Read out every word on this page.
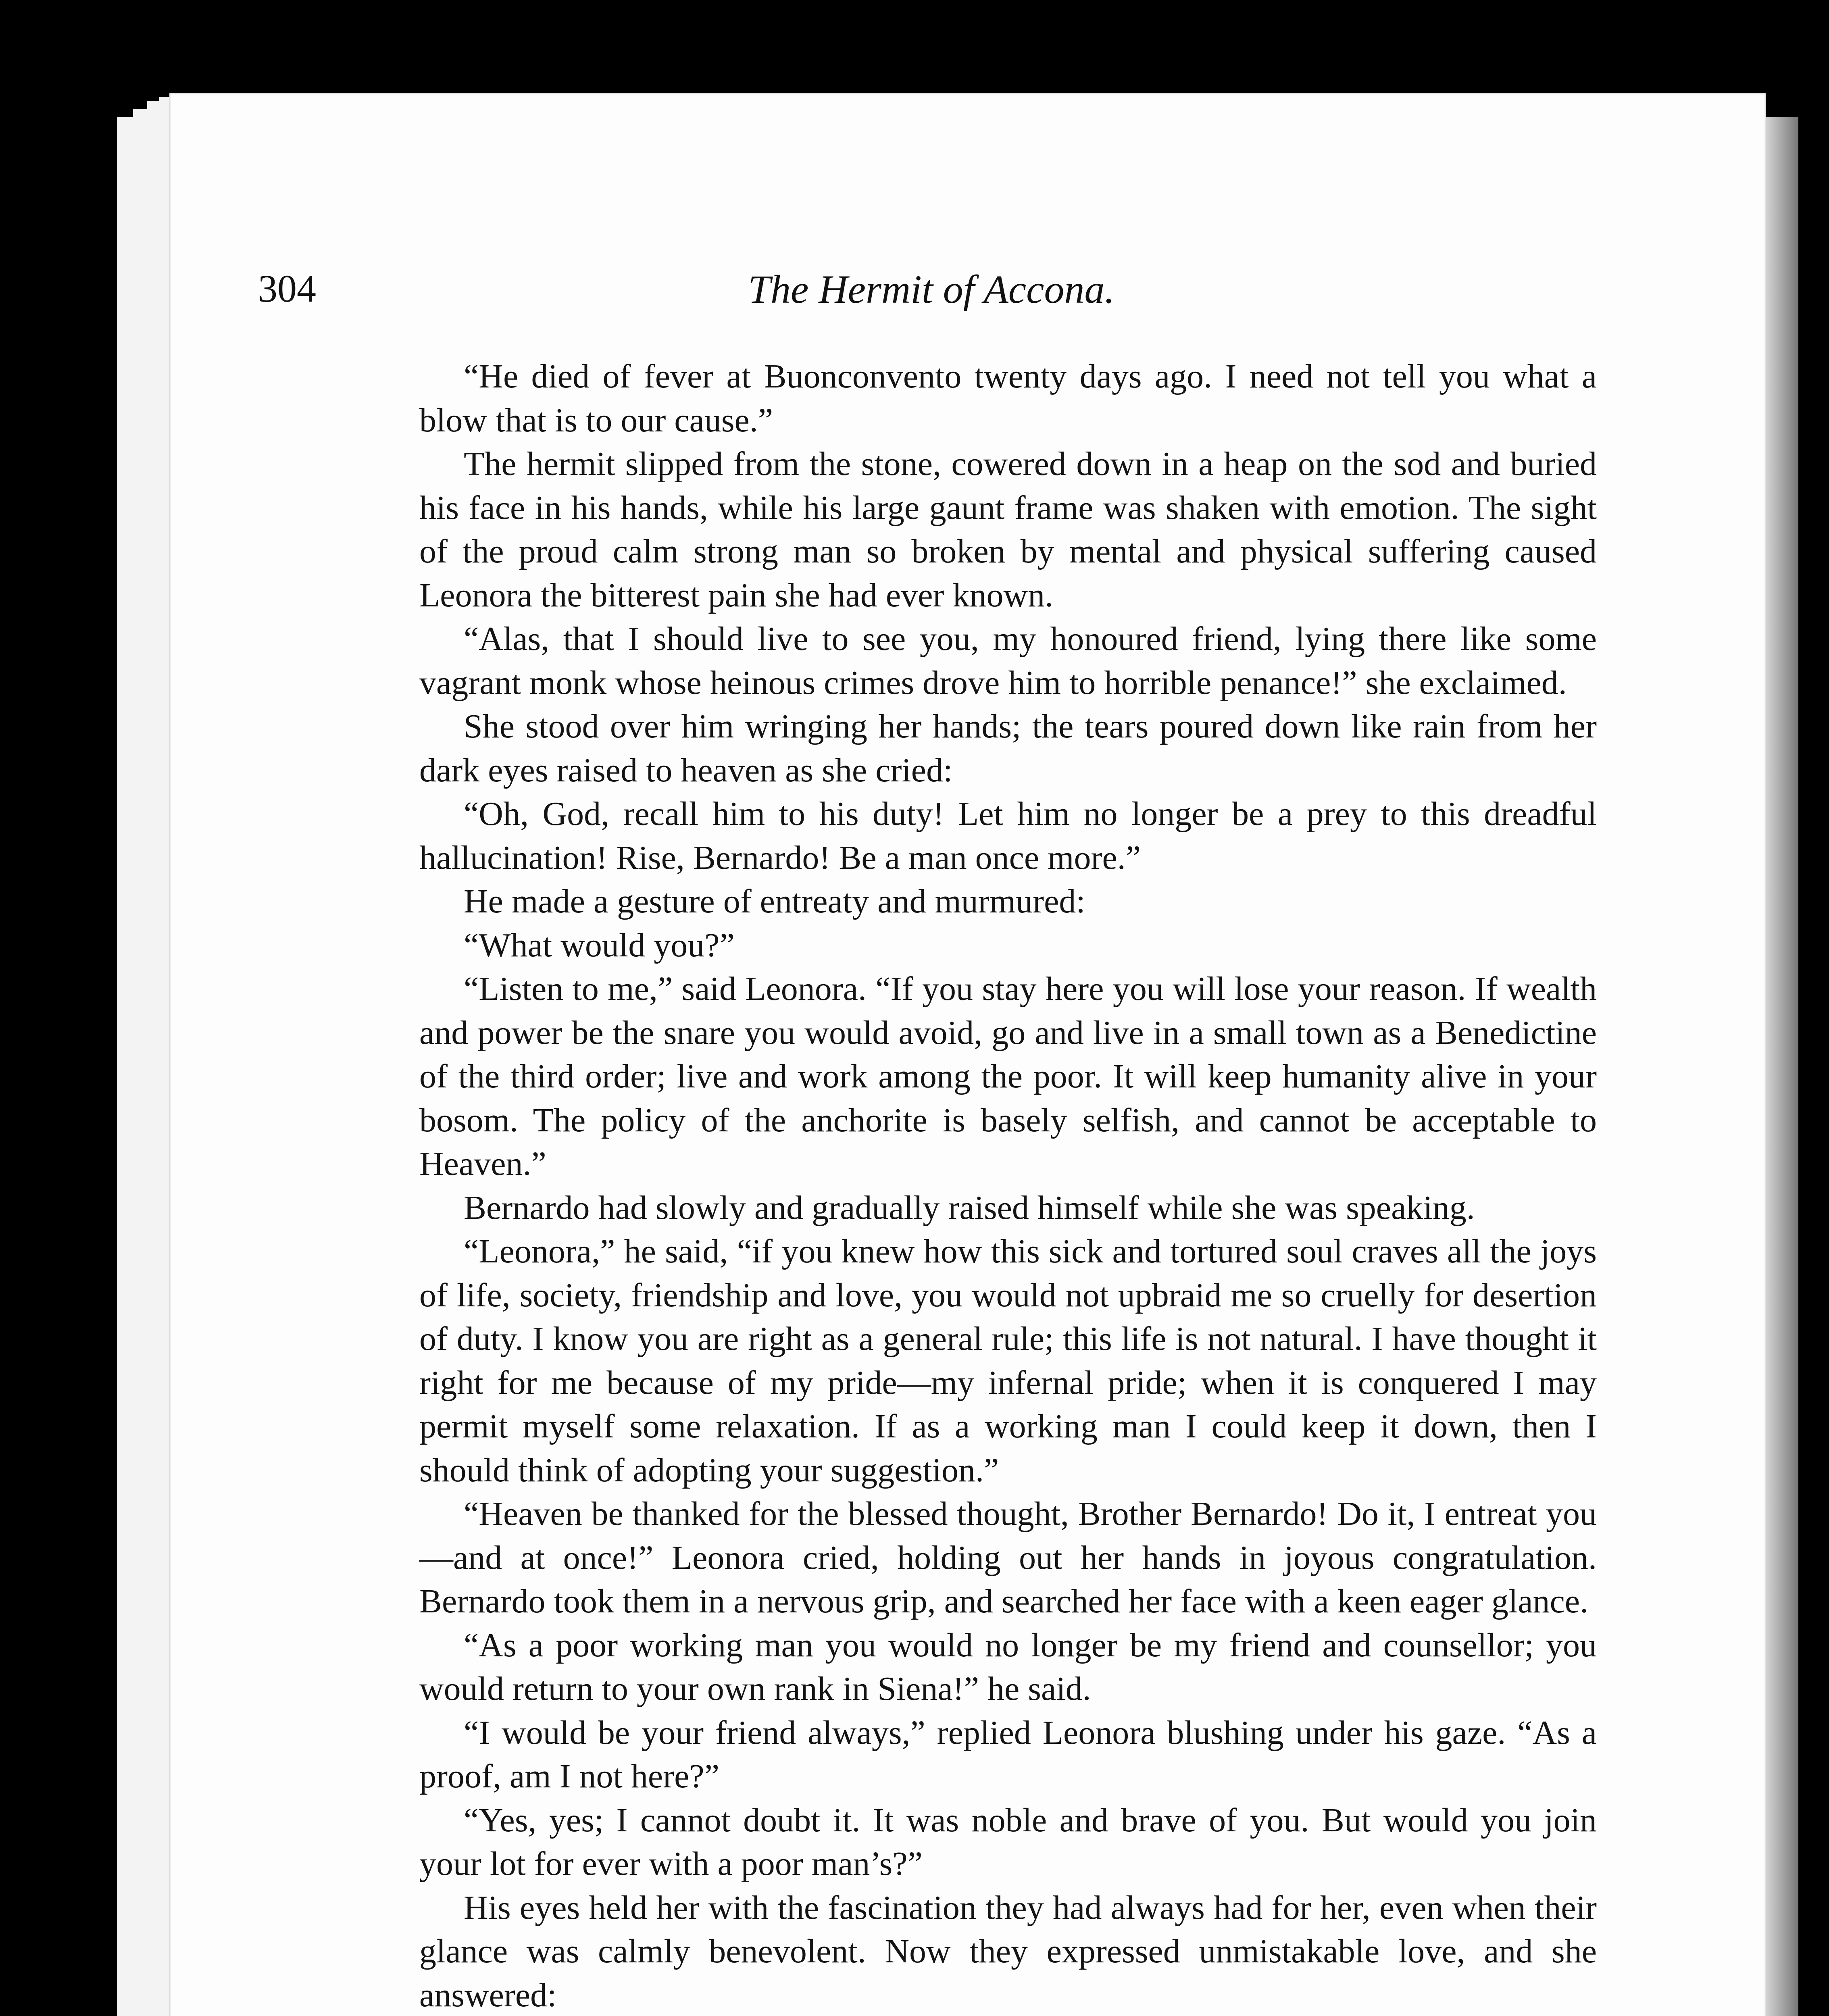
304	The Hermit of Accona.

“He died of fever at Buonconvento twenty days ago. I need not tell you what a blow that is to our cause.”

The hermit slipped from the stone, cowered down in a heap on the sod and buried his face in his hands, while his large gaunt frame was shaken with emotion. The sight of the proud calm strong man so broken by mental and physical suffering caused Leonora the bitterest pain she had ever known.

“Alas, that I should live to see you, my honoured friend, lying there like some vagrant monk whose heinous crimes drove him to horrible penance!” she exclaimed.

She stood over him wringing her hands; the tears poured down like rain from her dark eyes raised to heaven as she cried:

“Oh, God, recall him to his duty! Let him no longer be a prey to this dreadful hallucination! Rise, Bernardo! Be a man once more.”

He made a gesture of entreaty and murmured:

“What would you?”

“Listen to me,” said Leonora. “If you stay here you will lose your reason. If wealth and power be the snare you would avoid, go and live in a small town as a Benedictine of the third order; live and work among the poor. It will keep humanity alive in your bosom. The policy of the anchorite is basely selfish, and cannot be acceptable to Heaven.”

Bernardo had slowly and gradually raised himself while she was speaking.

“Leonora,” he said, “if you knew how this sick and tortured soul craves all the joys of life, society, friendship and love, you would not upbraid me so cruelly for desertion of duty. I know you are right as a general rule; this life is not natural. I have thought it right for me because of my pride—my infernal pride; when it is conquered I may permit myself some relaxation. If as a working man I could keep it down, then I should think of adopting your suggestion.”

“Heaven be thanked for the blessed thought, Brother Bernardo! Do it, I entreat you—and at once!” Leonora cried, holding out her hands in joyous congratulation. Bernardo took them in a nervous grip, and searched her face with a keen eager glance.

“As a poor working man you would no longer be my friend and counsellor; you would return to your own rank in Siena!” he said.

“I would be your friend always,” replied Leonora blushing under his gaze. “As a proof, am I not here?”

“Yes, yes; I cannot doubt it. It was noble and brave of you. But would you join your lot for ever with a poor man’s?”

His eyes held her with the fascination they had always had for her, even when their glance was calmly benevolent. Now they expressed unmistakable love, and she answered:
